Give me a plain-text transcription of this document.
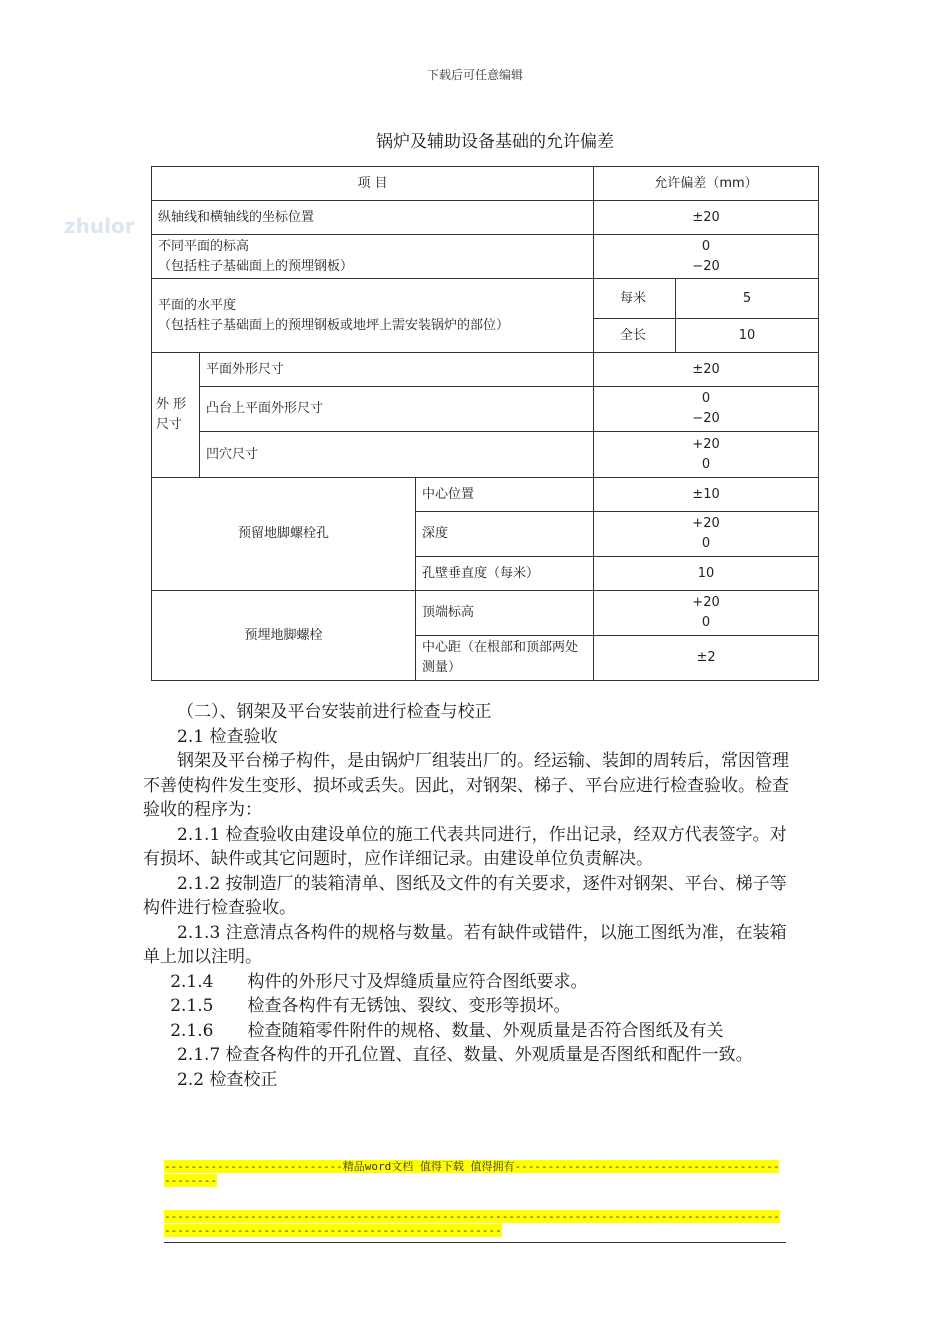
下载后可任意编辑
zhulor
锅炉及辅助设备基础的允许偏差
项 目			允许偏差（mm）	
纵轴线和横轴线的坐标位置			±20	
不同平面的标高
（包括柱子基础面上的预埋钢板）			0
−20	
平面的水平度
（包括柱子基础面上的预埋钢板或地坪上需安装锅炉的部位）			每米	5
			全长	10
外 形
尺寸	平面外形尺寸		±20	
	凸台上平面外形尺寸		0
−20	
	凹穴尺寸		+20
0	
预留地脚螺栓孔		中心位置	±10	
		深度	+20
0	
		孔壁垂直度（每米）	10	
预埋地脚螺栓		顶端标高	+20
0	
		中心距（在根部和顶部两处测量）	±2	

（二）、钢架及平台安装前进行检查与校正

2.1 检查验收

钢架及平台梯子构件，是由锅炉厂组装出厂的。经运输、装卸的周转后，常因管理不善使构件发生变形、损坏或丢失。因此，对钢架、梯子、平台应进行检查验收。检查验收的程序为：

2.1.1 检查验收由建设单位的施工代表共同进行，作出记录，经双方代表签字。对有损坏、缺件或其它问题时，应作详细记录。由建设单位负责解决。

2.1.2 按制造厂的装箱清单、图纸及文件的有关要求，逐件对钢架、平台、梯子等构件进行检查验收。

2.1.3 注意清点各构件的规格与数量。若有缺件或错件，以施工图纸为准，在装箱单上加以注明。

2.1.4 构件的外形尺寸及焊缝质量应符合图纸要求。

2.1.5 检查各构件有无锈蚀、裂纹、变形等损坏。

2.1.6 检查随箱零件附件的规格、数量、外观质量是否符合图纸及有关

2.1.7 检查各构件的开孔位置、直径、数量、外观质量是否图纸和配件一致。

2.2 检查校正

---------------------------精品word文档 值得下载 值得拥有------------------------------------------------
------------------------------------------------------------------------------------------------------------------------------------------------
